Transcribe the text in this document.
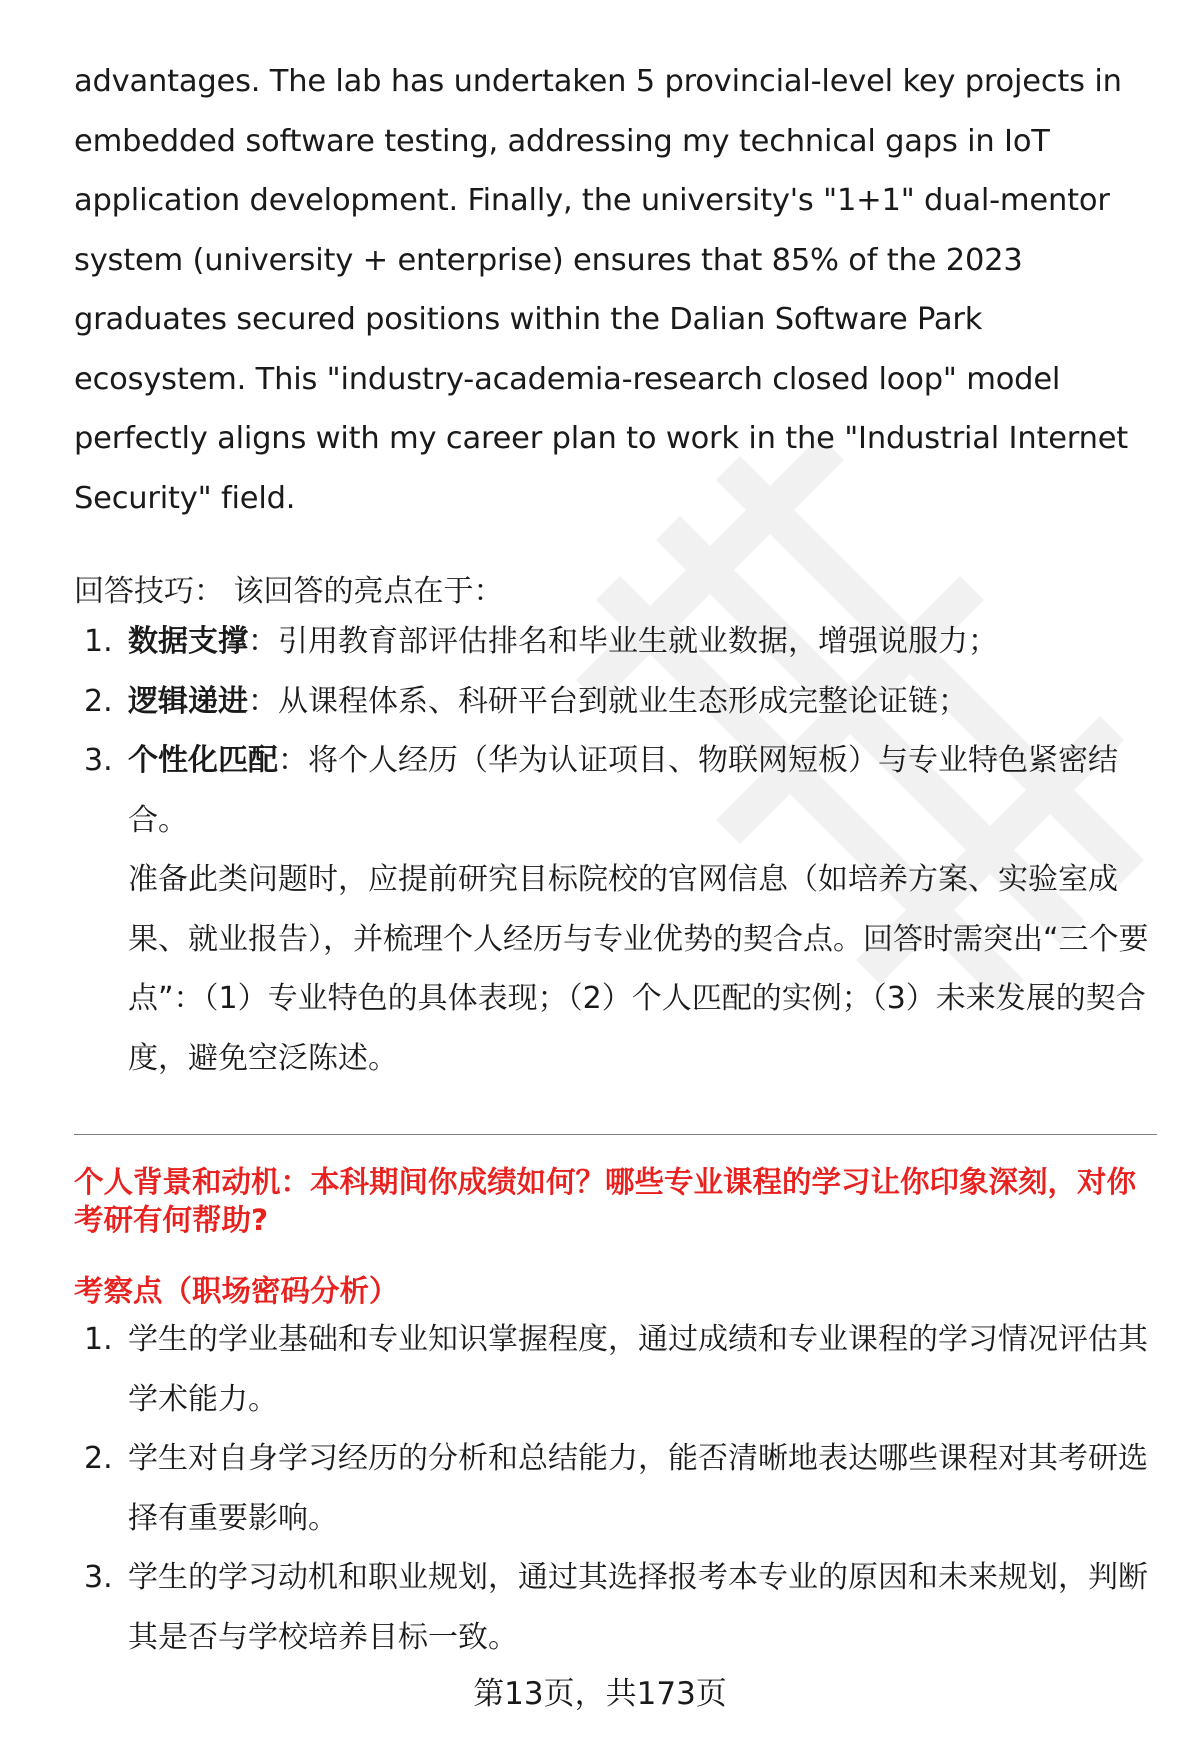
advantages. The lab has undertaken 5 provincial-level key projects in embedded software testing, addressing my technical gaps in IoT application development. Finally, the university's "1+1" dual-mentor system (university + enterprise) ensures that 85% of the 2023 graduates secured positions within the Dalian Software Park ecosystem. This "industry-academia-research closed loop" model perfectly aligns with my career plan to work in the "Industrial Internet Security" field.

回答技巧： 该回答的亮点在于：

1. 数据支撑：引用教育部评估排名和毕业生就业数据，增强说服力；
2. 逻辑递进：从课程体系、科研平台到就业生态形成完整论证链；
3. 个性化匹配：将个人经历（华为认证项目、物联网短板）与专业特色紧密结合。

准备此类问题时，应提前研究目标院校的官网信息（如培养方案、实验室成果、就业报告），并梳理个人经历与专业优势的契合点。回答时需突出“三个要点”：（1）专业特色的具体表现；（2）个人匹配的实例；（3）未来发展的契合度，避免空泛陈述。

个人背景和动机：本科期间你成绩如何？哪些专业课程的学习让你印象深刻，对你考研有何帮助?

考察点（职场密码分析）

1. 学生的学业基础和专业知识掌握程度，通过成绩和专业课程的学习情况评估其学术能力。
2. 学生对自身学习经历的分析和总结能力，能否清晰地表达哪些课程对其考研选择有重要影响。
3. 学生的学习动机和职业规划，通过其选择报考本专业的原因和未来规划，判断其是否与学校培养目标一致。
第13页，共173页
